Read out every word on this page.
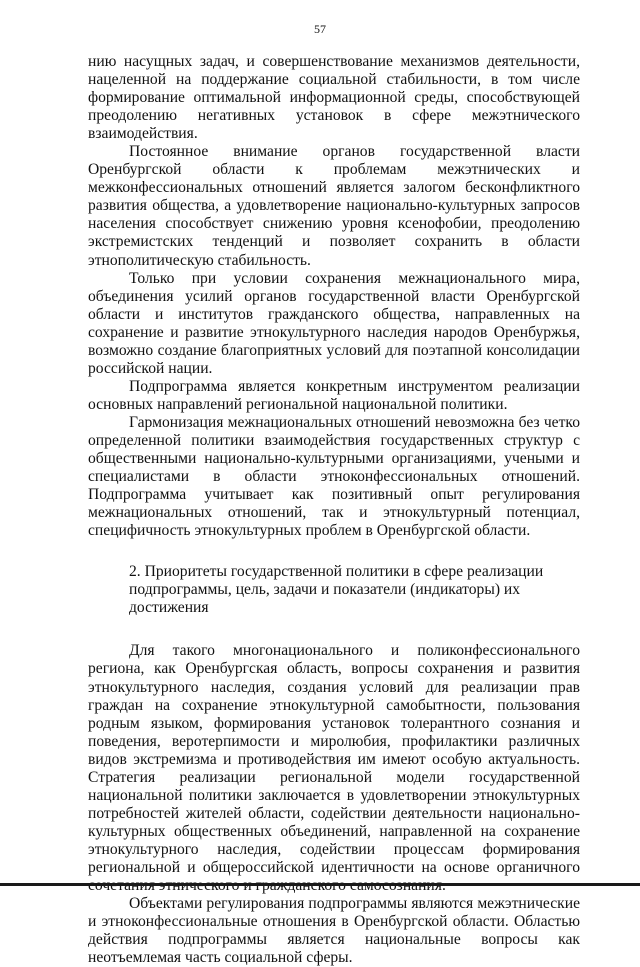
57

нию насущных задач, и совершенствование механизмов деятельности, нацеленной на поддержание социальной стабильности, в том числе формирование оптимальной информационной среды, способствующей преодолению негативных установок в сфере межэтнического взаимодействия.

Постоянное внимание органов государственной власти Оренбургской области к проблемам межэтнических и межконфессиональных отношений является залогом бесконфликтного развития общества, а удовлетворение национально-культурных запросов населения способствует снижению уровня ксенофобии, преодолению экстремистских тенденций и позволяет сохранить в области этнополитическую стабильность.

Только при условии сохранения межнационального мира, объединения усилий органов государственной власти Оренбургской области и институтов гражданского общества, направленных на сохранение и развитие этнокультурного наследия народов Оренбуржья, возможно создание благоприятных условий для поэтапной консолидации российской нации.

Подпрограмма является конкретным инструментом реализации основных направлений региональной национальной политики.

Гармонизация межнациональных отношений невозможна без четко определенной политики взаимодействия государственных структур с общественными национально-культурными организациями, учеными и специалистами в области этноконфессиональных отношений. Подпрограмма учитывает как позитивный опыт регулирования межнациональных отношений, так и этнокультурный потенциал, специфичность этнокультурных проблем в Оренбургской области.

2. Приоритеты государственной политики в сфере реализации подпрограммы, цель, задачи и показатели (индикаторы) их достижения

Для такого многонационального и поликонфессионального региона, как Оренбургская область, вопросы сохранения и развития этнокультурного наследия, создания условий для реализации прав граждан на сохранение этнокультурной самобытности, пользования родным языком, формирования установок толерантного сознания и поведения, веротерпимости и миролюбия, профилактики различных видов экстремизма и противодействия им имеют особую актуальность. Стратегия реализации региональной модели государственной национальной политики заключается в удовлетворении этнокультурных потребностей жителей области, содействии деятельности национально-культурных общественных объединений, направленной на сохранение этнокультурного наследия, содействии процессам формирования региональной и общероссийской идентичности на основе органичного

Объектами регулирования подпрограммы являются межэтнические и этноконфессиональные отношения в Оренбургской области. Областью действия подпрограммы является национальные вопросы как неотъемлемая часть социальной сферы.
